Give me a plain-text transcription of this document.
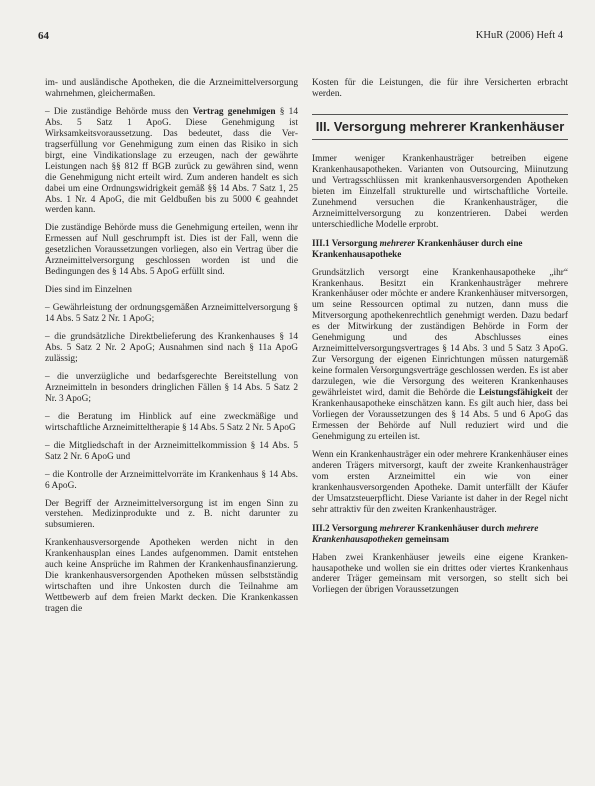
64	KHuR (2006) Heft 4

im- und ausländische Apotheken, die die Arzneimittelversorgung wahrnehmen, gleichermaßen.

– Die zuständige Behörde muss den Vertrag genehmigen § 14 Abs. 5 Satz 1 ApoG. Diese Genehmigung ist Wirksamkeitsvoraussetzung. Das bedeutet, dass die Vertragserfüllung vor Genehmigung zum einen das Risiko in sich birgt, eine Vindikationslage zu erzeugen, nach der gewährte Leistungen nach §§ 812 ff BGB zurück zu gewähren sind, wenn die Genehmigung nicht erteilt wird. Zum anderen handelt es sich dabei um eine Ordnungswidrigkeit gemäß §§ 14 Abs. 7 Satz 1, 25 Abs. 1 Nr. 4 ApoG, die mit Geldbußen bis zu 5000 € geahndet werden kann.

Die zuständige Behörde muss die Genehmigung erteilen, wenn ihr Ermessen auf Null geschrumpft ist. Dies ist der Fall, wenn die gesetzlichen Voraussetzungen vorliegen, also ein Vertrag über die Arzneimittelversorgung geschlossen worden ist und die Bedingungen des § 14 Abs. 5 ApoG erfüllt sind.

Dies sind im Einzelnen

– Gewährleistung der ordnungsgemäßen Arzneimittelversorgung § 14 Abs. 5 Satz 2 Nr. 1 ApoG;

– die grundsätzliche Direktbelieferung des Krankenhauses § 14 Abs. 5 Satz 2 Nr. 2 ApoG; Ausnahmen sind nach § 11a ApoG zulässig;

– die unverzügliche und bedarfsgerechte Bereitstellung von Arzneimitteln in besonders dringlichen Fällen § 14 Abs. 5 Satz 2 Nr. 3 ApoG;

– die Beratung im Hinblick auf eine zweckmäßige und wirtschaftliche Arzneimitteltherapie § 14 Abs. 5 Satz 2 Nr. 5 ApoG

– die Mitgliedschaft in der Arzneimittelkommission § 14 Abs. 5 Satz 2 Nr. 6 ApoG und

– die Kontrolle der Arzneimittelvorräte im Krankenhaus § 14 Abs. 6 ApoG.

Der Begriff der Arzneimittelversorgung ist im engen Sinn zu verstehen. Medizinprodukte und z. B. nicht darunter zu subsumieren.

Krankenhausversorgende Apotheken werden nicht in den Krankenhausplan eines Landes aufgenommen. Damit entstehen auch keine Ansprüche im Rahmen der Krankenhausfinanzierung. Die krankenhausversorgenden Apotheken müssen selbstständig wirtschaften und ihre Unkosten durch die Teilnahme am Wettbewerb auf dem freien Markt decken. Die Krankenkassen tragen die

Kosten für die Leistungen, die für ihre Versicherten erbracht werden.

III. Versorgung mehrerer Krankenhäuser

Immer weniger Krankenhausträger betreiben eigene Krankenhausapotheken. Varianten von Outsourcing, Miinutzung und Vertragsschlüssen mit krankenhausversorgenden Apotheken bieten im Einzelfall strukturelle und wirtschaftliche Vorteile. Zunehmend versuchen die Krankenhausträger, die Arzneimittelversorgung zu konzentrieren. Dabei werden unterschiedliche Modelle erprobt.

III.1 Versorgung mehrerer Krankenhäuser durch eine Krankenhausapotheke

Grundsätzlich versorgt eine Krankenhausapotheke „ihr“ Krankenhaus. Besitzt ein Krankenhausträger mehrere Krankenhäuser oder möchte er andere Krankenhäuser mitversorgen, um seine Ressourcen optimal zu nutzen, dann muss die Mitversorgung apothekenrechtlich genehmigt werden. Dazu bedarf es der Mitwirkung der zuständigen Behörde in Form der Genehmigung und des Abschlusses eines Arzneimittelversorgungsvertrages § 14 Abs. 3 und 5 Satz 3 ApoG. Zur Versorgung der eigenen Einrichtungen müssen naturgemäß keine formalen Versorgungsverträge geschlossen werden. Es ist aber darzulegen, wie die Versorgung des weiteren Krankenhauses gewährleistet wird, damit die Behörde die Leistungsfähigkeit der Krankenhausapotheke einschätzen kann. Es gilt auch hier, dass bei Vorliegen der Voraussetzungen des § 14 Abs. 5 und 6 ApoG das Ermessen der Behörde auf Null reduziert wird und die Genehmigung zu erteilen ist.

Wenn ein Krankenhausträger ein oder mehrere Krankenhäuser eines anderen Trägers mitversorgt, kauft der zweite Krankenhausträger vom ersten Arzneimittel ein wie von einer krankenhausversorgenden Apotheke. Damit unterfällt der Käufer der Umsatzsteuerpflicht. Diese Variante ist daher in der Regel nicht sehr attraktiv für den zweiten Krankenhausträger.

III.2 Versorgung mehrerer Krankenhäuser durch mehrere Krankenhausapotheken gemeinsam

Haben zwei Krankenhäuser jeweils eine eigene Krankenhausapotheke und wollen sie ein drittes oder viertes Krankenhaus anderer Träger gemeinsam mit versorgen, so stellt sich bei Vorliegen der übrigen Voraussetzungen
